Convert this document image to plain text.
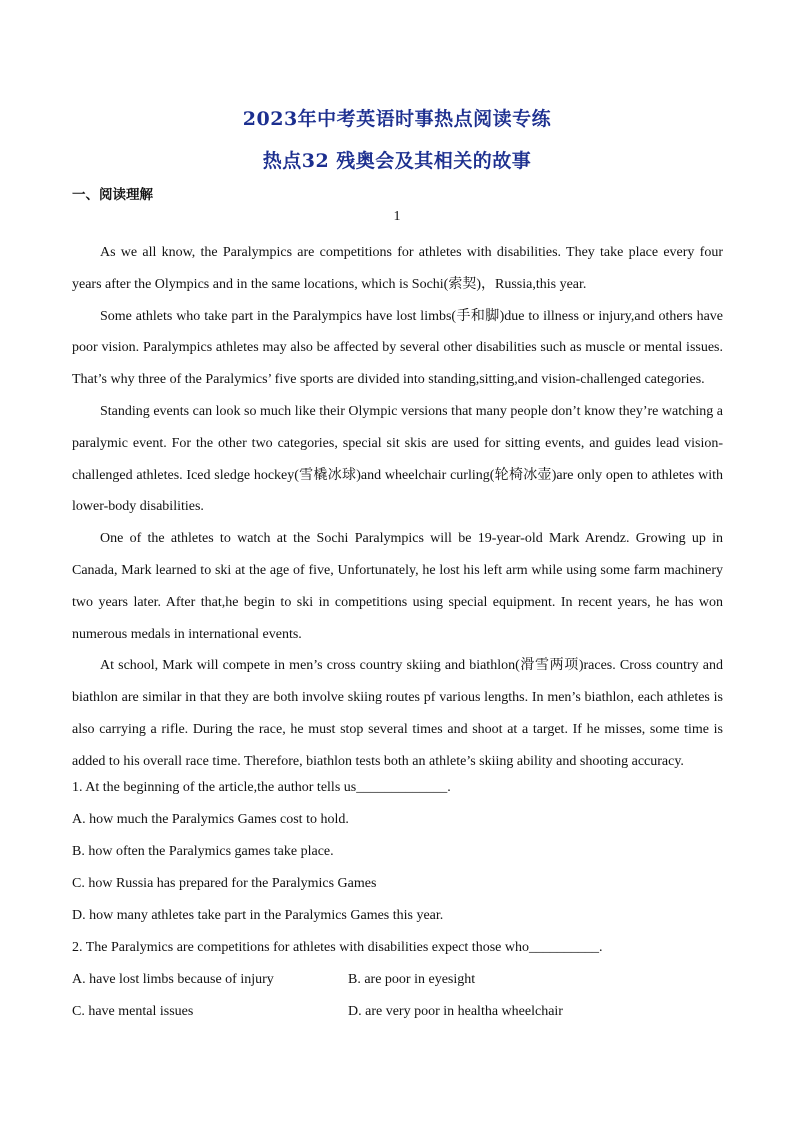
2023年中考英语时事热点阅读专练
热点32 残奥会及其相关的故事
一、阅读理解
1

As we all know, the Paralympics are competitions for athletes with disabilities. They take place every four years after the Olympics and in the same locations, which is Sochi(索契)，Russia,this year.

Some athlets who take part in the Paralympics have lost limbs(手和脚)due to illness or injury,and others have poor vision. Paralympics athletes may also be affected by several other disabilities such as muscle or mental issues. That’s why three of the Paralymics’ five sports are divided into standing,sitting,and vision-challenged categories.

Standing events can look so much like their Olympic versions that many people don’t know they’re watching a paralymic event. For the other two categories, special sit skis are used for sitting events, and guides lead vision-challenged athletes. Iced sledge hockey(雪橇冰球)and wheelchair curling(轮椅冰壶)are only open to athletes with lower-body disabilities.

One of the athletes to watch at the Sochi Paralympics will be 19-year-old Mark Arendz. Growing up in Canada, Mark learned to ski at the age of five, Unfortunately, he lost his left arm while using some farm machinery two years later. After that,he begin to ski in competitions using special equipment. In recent years, he has won numerous medals in international events.

At school, Mark will compete in men’s cross country skiing and biathlon(滑雪两项)races. Cross country and biathlon are similar in that they are both involve skiing routes pf various lengths. In men’s biathlon, each athletes is also carrying a rifle. During the race, he must stop several times and shoot at a target. If he misses, some time is added to his overall race time. Therefore, biathlon tests both an athlete’s skiing ability and shooting accuracy.

1. At the beginning of the article,the author tells us_____________.
A. how much the Paralymics Games cost to hold.
B. how often the Paralymics games take place.
C. how Russia has prepared for the Paralymics Games
D. how many athletes take part in the Paralymics Games this year.
2. The Paralymics are competitions for athletes with disabilities expect those who__________.
A. have lost limbs because of injury	B. are poor in eyesight
C. have mental issues	D. are very poor in healtha wheelchair
